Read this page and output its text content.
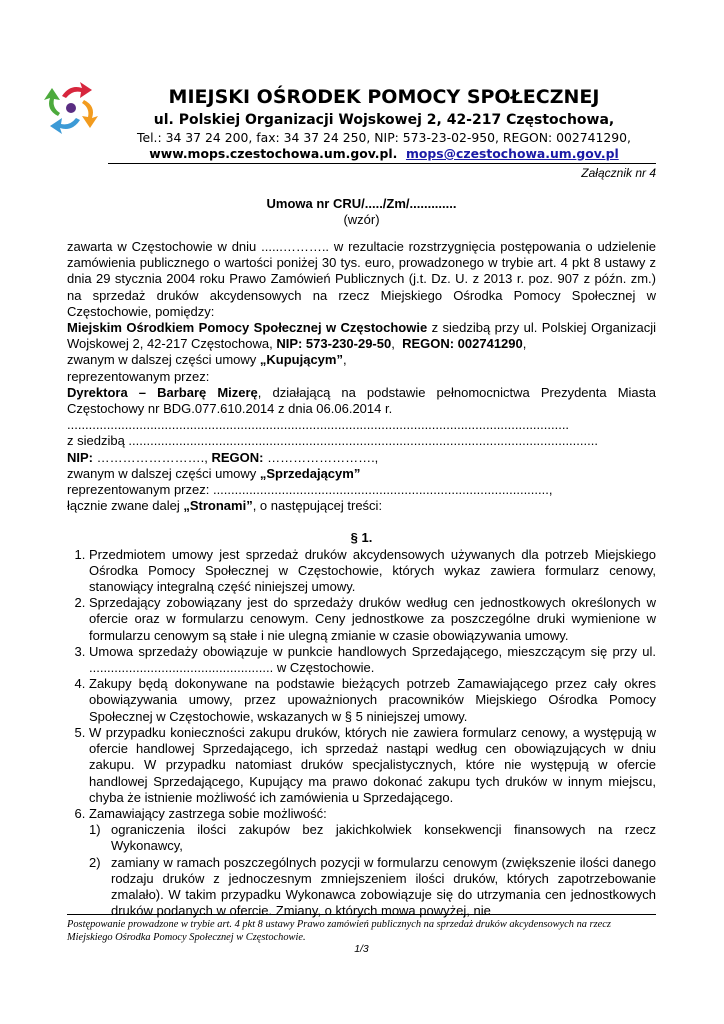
MIEJSKI OŚRODEK POMOCY SPOŁECZNEJ
ul. Polskiej Organizacji Wojskowej 2, 42-217 Częstochowa,
Tel.: 34 37 24 200, fax: 34 37 24 250, NIP: 573-23-02-950, REGON: 002741290,
www.mops.czestochowa.um.gov.pl. mops@czestochowa.um.gov.pl
Załącznik nr 4
Umowa nr CRU/...../Zm/.............
(wzór)

zawarta w Częstochowie w dniu ......……….. w rezultacie rozstrzygnięcia postępowania o udzielenie zamówienia publicznego o wartości poniżej 30 tys. euro, prowadzonego w trybie art. 4 pkt 8 ustawy z dnia 29 stycznia 2004 roku Prawo Zamówień Publicznych (j.t. Dz. U. z 2013 r. poz. 907 z późn. zm.) na sprzedaż druków akcydensowych na rzecz Miejskiego Ośrodka Pomocy Społecznej w Częstochowie, pomiędzy:

Miejskim Ośrodkiem Pomocy Społecznej w Częstochowie z siedzibą przy ul. Polskiej Organizacji Wojskowej 2, 42-217 Częstochowa, NIP: 573-230-29-50,  REGON: 002741290,

zwanym w dalszej części umowy „Kupującym”,

reprezentowanym przez:

Dyrektora – Barbarę Mizerę, działającą na podstawie pełnomocnictwa Prezydenta Miasta Częstochowy nr BDG.077.610.2014 z dnia 06.06.2014 r.

...........................................................................................................................................

z siedzibą ..................................................................................................................................

NIP: ……………………., REGON: …………………….,

zwanym w dalszej części umowy „Sprzedającym”

reprezentowanym przez: .............................................................................................,

łącznie zwane dalej „Stronami”, o następującej treści:

§ 1.

1. Przedmiotem umowy jest sprzedaż druków akcydensowych używanych dla potrzeb Miejskiego Ośrodka Pomocy Społecznej w Częstochowie, których wykaz zawiera formularz cenowy, stanowiący integralną część niniejszej umowy.
2. Sprzedający zobowiązany jest do sprzedaży druków według cen jednostkowych określonych w ofercie oraz w formularzu cenowym. Ceny jednostkowe za poszczególne druki wymienione w formularzu cenowym są stałe i nie ulegną zmianie w czasie obowiązywania umowy.
3. Umowa sprzedaży obowiązuje w punkcie handlowych Sprzedającego, mieszczącym się przy ul. ................................................... w Częstochowie.
4. Zakupy będą dokonywane na podstawie bieżących potrzeb Zamawiającego przez cały okres obowiązywania umowy, przez upoważnionych pracowników Miejskiego Ośrodka Pomocy Społecznej w Częstochowie, wskazanych w § 5 niniejszej umowy.
5. W przypadku konieczności zakupu druków, których nie zawiera formularz cenowy, a występują w ofercie handlowej Sprzedającego, ich sprzedaż nastąpi według cen obowiązujących w dniu zakupu. W przypadku natomiast druków specjalistycznych, które nie występują w ofercie handlowej Sprzedającego, Kupujący ma prawo dokonać zakupu tych druków w innym miejscu, chyba że istnienie możliwość ich zamówienia u Sprzedającego.
6. Zamawiający zastrzega sobie możliwość:
1) ograniczenia ilości zakupów bez jakichkolwiek konsekwencji finansowych na rzecz Wykonawcy,
2) zamiany w ramach poszczególnych pozycji w formularzu cenowym (zwiększenie ilości danego rodzaju druków z jednoczesnym zmniejszeniem ilości druków, których zapotrzebowanie zmalało). W takim przypadku Wykonawca zobowiązuje się do utrzymania cen jednostkowych druków podanych w ofercie. Zmiany, o których mowa powyżej, nie
Postępowanie prowadzone w trybie art. 4 pkt 8 ustawy Prawo zamówień publicznych na sprzedaż druków akcydensowych na rzecz Miejskiego Ośrodka Pomocy Społecznej w Częstochowie.
1/3
